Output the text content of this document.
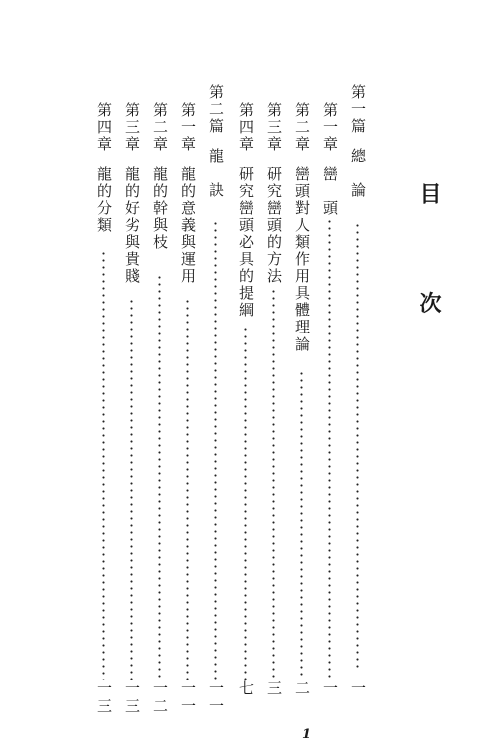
目 次
第一篇
總　論
一
第一章
巒　頭
一
第二章
巒頭對人類作用具體理論
二
第三章
研究巒頭的方法
三
第四章
研究巒頭必具的提綱
七
第二篇
龍　訣
一一
第一章
龍的意義與運用
一一
第二章
龍的幹與枝
一二
第三章
龍的好劣與貴賤
一三
第四章
龍的分類
一三
1
